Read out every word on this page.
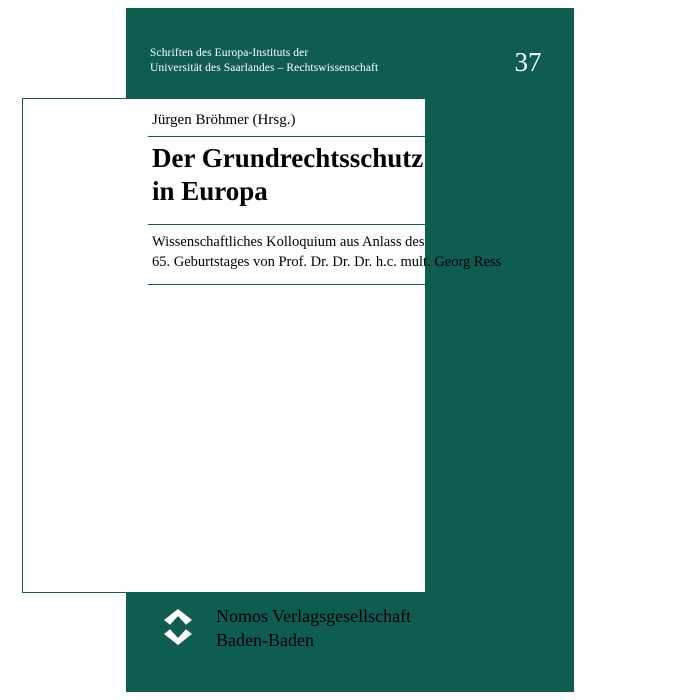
Schriften des Europa-Instituts der
Universität des Saarlandes – Rechtswissenschaft	37
Jürgen Bröhmer (Hrsg.)
Der Grundrechtsschutz
in Europa
Wissenschaftliches Kolloquium aus Anlass des
65. Geburtstages von Prof. Dr. Dr. Dr. h.c. mult. Georg Ress
Nomos Verlagsgesellschaft
Baden-Baden
